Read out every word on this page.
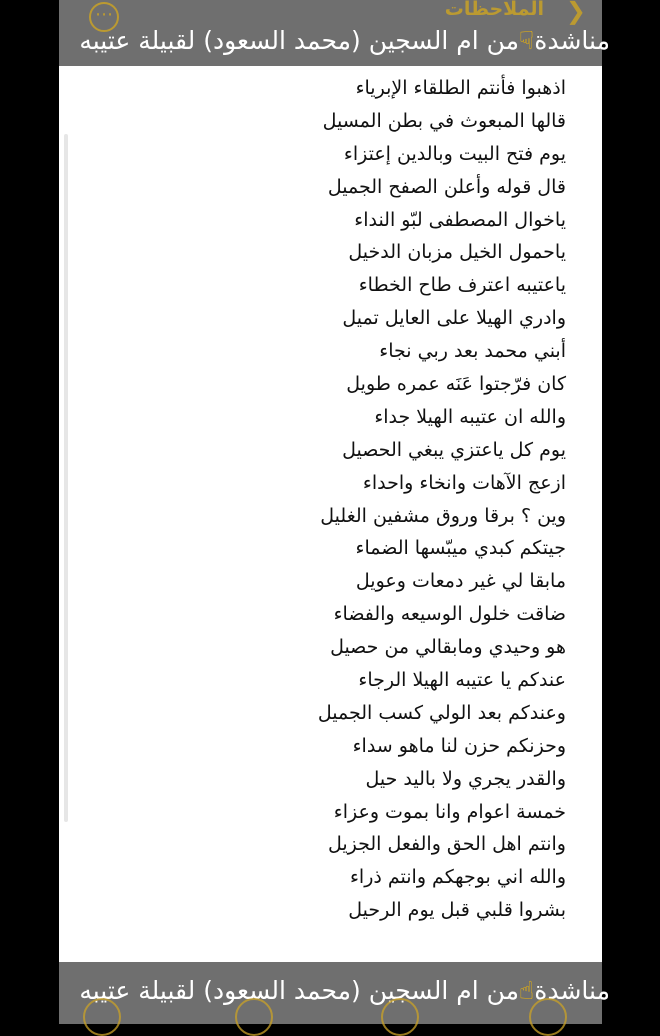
❮
الملاحظات
⋯
مناشدة☟من ام السجين (محمد السعود) لقبيلة عتيبه
اذهبوا فأنتم الطلقاء الإبرياء
قالها المبعوث في بطن المسيل
يوم فتح البيت وبالدين إعتزاء
قال قوله وأعلن الصفح الجميل
ياخوال المصطفى لبّو النداء
ياحمول الخيل مزبان الدخيل
ياعتيبه اعترف طاح الخطاء
وادري الهيلا على العايل تميل
أبني محمد بعد ربي نجاء
كان فرّجتوا عَنَه عمره طويل
والله ان عتيبه الهيلا جداء
يوم كل ياعتزي يبغي الحصيل
ازعج الآهات وانخاء واحداء
وين ؟ برقا وروق مشفين الغليل
جيتكم كبدي ميبّسها الضماء
مابقا لي غير دمعات وعويل
ضاقت خلول الوسيعه والفضاء
هو وحيدي ومابقالي من حصيل
عندكم يا عتيبه الهيلا الرجاء
وعندكم بعد الولي كسب الجميل
وحزنكم حزن لنا ماهو سداء
والقدر يجري ولا باليد حيل
خمسة اعوام وانا بموت وعزاء
وانتم اهل الحق والفعل الجزيل
والله اني بوجهكم وانتم ذراء
بشروا قلبي قبل يوم الرحيل
مناشدة☝من ام السجين (محمد السعود) لقبيلة عتيبه
